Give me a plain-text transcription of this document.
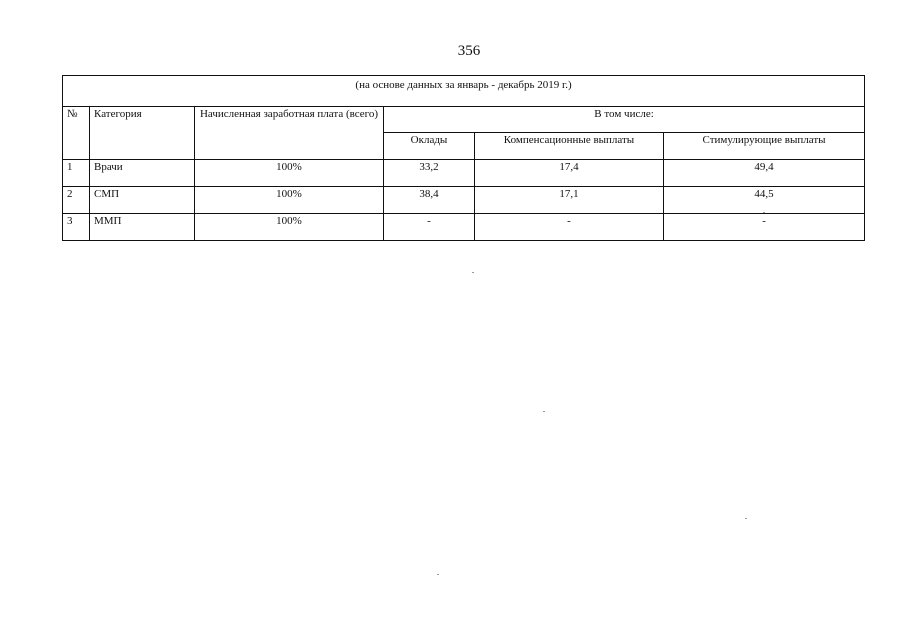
356
(на основе данных за январь - декабрь 2019 г.)					
№	Категория	Начисленная заработная плата (всего)	В том числе:		
			Оклады	Компенсационные выплаты	Стимулирующие выплаты
1	Врачи	100%	33,2	17,4	49,4
2	СМП	100%	38,4	17,1	44,5
3	ММП	100%	-	-	-
